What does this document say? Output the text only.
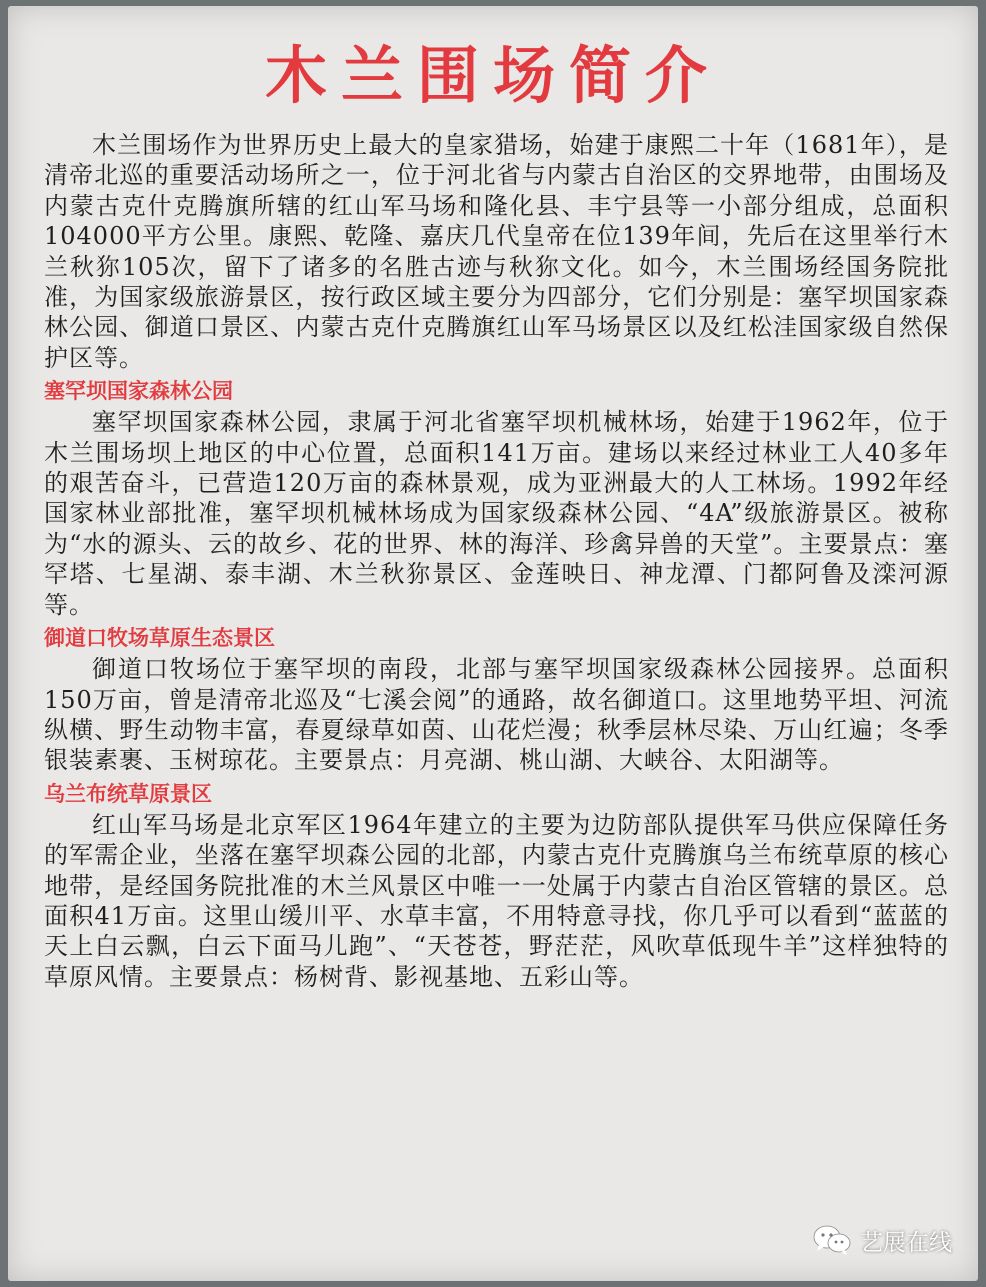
木兰围场简介

木兰围场作为世界历史上最大的皇家猎场，始建于康熙二十年（1681年），是清帝北巡的重要活动场所之一，位于河北省与内蒙古自治区的交界地带，由围场及内蒙古克什克腾旗所辖的红山军马场和隆化县、丰宁县等一小部分组成，总面积104000平方公里。康熙、乾隆、嘉庆几代皇帝在位139年间，先后在这里举行木兰秋狝105次，留下了诸多的名胜古迹与秋狝文化。如今，木兰围场经国务院批准，为国家级旅游景区，按行政区域主要分为四部分，它们分别是：塞罕坝国家森林公园、御道口景区、内蒙古克什克腾旗红山军马场景区以及红松洼国家级自然保护区等。

塞罕坝国家森林公园

塞罕坝国家森林公园，隶属于河北省塞罕坝机械林场，始建于1962年，位于木兰围场坝上地区的中心位置，总面积141万亩。建场以来经过林业工人40多年的艰苦奋斗，已营造120万亩的森林景观，成为亚洲最大的人工林场。1992年经国家林业部批准，塞罕坝机械林场成为国家级森林公园、“4A”级旅游景区。被称为“水的源头、云的故乡、花的世界、林的海洋、珍禽异兽的天堂”。主要景点：塞罕塔、七星湖、泰丰湖、木兰秋狝景区、金莲映日、神龙潭、门都阿鲁及滦河源等。

御道口牧场草原生态景区

御道口牧场位于塞罕坝的南段，北部与塞罕坝国家级森林公园接界。总面积150万亩，曾是清帝北巡及“七溪会阅”的通路，故名御道口。这里地势平坦、河流纵横、野生动物丰富，春夏绿草如茵、山花烂漫；秋季层林尽染、万山红遍；冬季银装素裹、玉树琼花。主要景点：月亮湖、桃山湖、大峡谷、太阳湖等。

乌兰布统草原景区

红山军马场是北京军区1964年建立的主要为边防部队提供军马供应保障任务的军需企业，坐落在塞罕坝森公园的北部，内蒙古克什克腾旗乌兰布统草原的核心地带，是经国务院批准的木兰风景区中唯一一处属于内蒙古自治区管辖的景区。总面积41万亩。这里山缓川平、水草丰富，不用特意寻找，你几乎可以看到“蓝蓝的天上白云飘，白云下面马儿跑”、“天苍苍，野茫茫，风吹草低现牛羊”这样独特的草原风情。主要景点：杨树背、影视基地、五彩山等。

艺展在线
